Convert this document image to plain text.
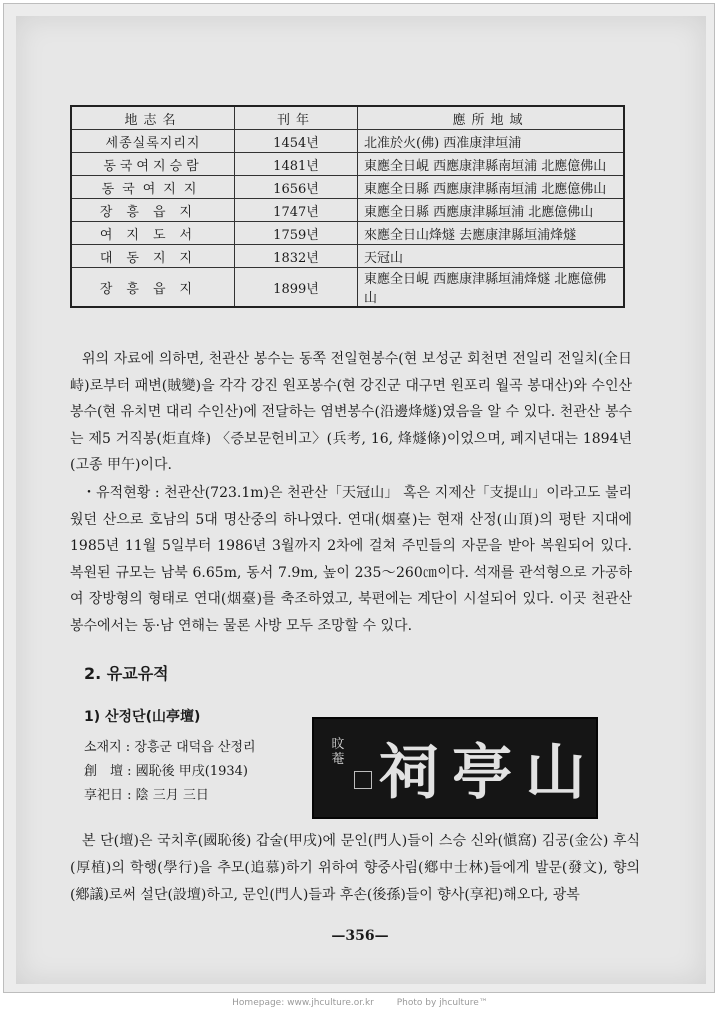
地志名	刊年	應所地域
세종실록지리지	1454년	北准於火(佛) 西准康津垣浦
동국여지승람	1481년	東應全日峴 西應康津縣南垣浦 北應億佛山
동국여지지	1656년	東應全日縣 西應康津縣南垣浦 北應億佛山
장흥읍지	1747년	東應全日縣 西應康津縣垣浦 北應億佛山
여지도서	1759년	來應全日山烽燧 去應康津縣垣浦烽燧
대동지지	1832년	天冠山
장흥읍지	1899년	東應全日峴 西應康津縣垣浦烽燧 北應億佛山
위의 자료에 의하면, 천관산 봉수는 동쪽 전일현봉수(현 보성군 회천면 전일리 전일치(全日峙)로부터 패변(賊變)을 각각 강진 원포봉수(현 강진군 대구면 원포리 월곡 봉대산)와 수인산봉수(현 유치면 대리 수인산)에 전달하는 염변봉수(沿邊烽燧)였음을 알 수 있다. 천관산 봉수는 제5 거직봉(炬直烽) 〈증보문헌비고〉(兵考, 16, 烽燧條)이었으며, 폐지년대는 1894년(고종 甲午)이다.
・유적현황 : 천관산(723.1m)은 천관산「天冠山」 혹은 지제산「支提山」이라고도 불리웠던 산으로 호남의 5대 명산중의 하나였다. 연대(烟臺)는 현재 산정(山頂)의 평탄 지대에 1985년 11월 5일부터 1986년 3월까지 2차에 걸쳐 주민들의 자문을 받아 복원되어 있다. 복원된 규모는 남북 6.65m, 동서 7.9m, 높이 235～260㎝이다. 석재를 관석형으로 가공하여 장방형의 형태로 연대(烟臺)를 축조하였고, 북편에는 계단이 시설되어 있다. 이곳 천관산봉수에서는 동·남 연해는 물론 사방 모두 조망할 수 있다.
2. 유교유적
1) 산정단(山亭壇)
소재지 : 장흥군 대덕읍 산정리
創　壇 : 國恥後 甲戌(1934)
享祀日 : 陰 三月 三日
旼菴 祠 亭 山
본 단(壇)은 국치후(國恥後) 갑술(甲戌)에 문인(門人)들이 스승 신와(愼窩) 김공(金公) 후식(厚植)의 학행(學行)을 추모(追慕)하기 위하여 향중사림(鄕中士林)들에게 발문(發文), 향의(鄕議)로써 설단(設壇)하고, 문인(門人)들과 후손(後孫)들이 향사(享祀)해오다, 광복
—356—
Homepage: www.jhculture.or.kr	Photo by jhculture™
